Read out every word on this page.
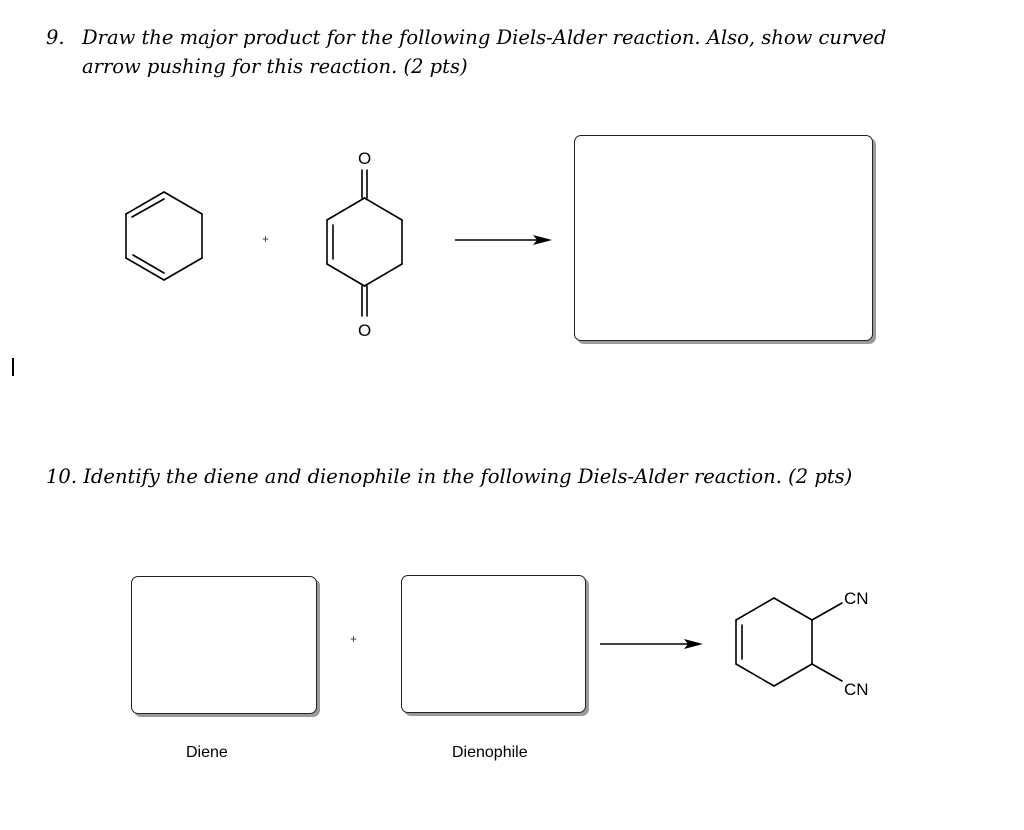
9. Draw the major product for the following Diels-Alder reaction. Also, show curved arrow pushing for this reaction. (2 pts)

+
O
O

10. Identify the diene and dienophile in the following Diels-Alder reaction. (2 pts)

+
Diene	Dienophile
CN
CN
